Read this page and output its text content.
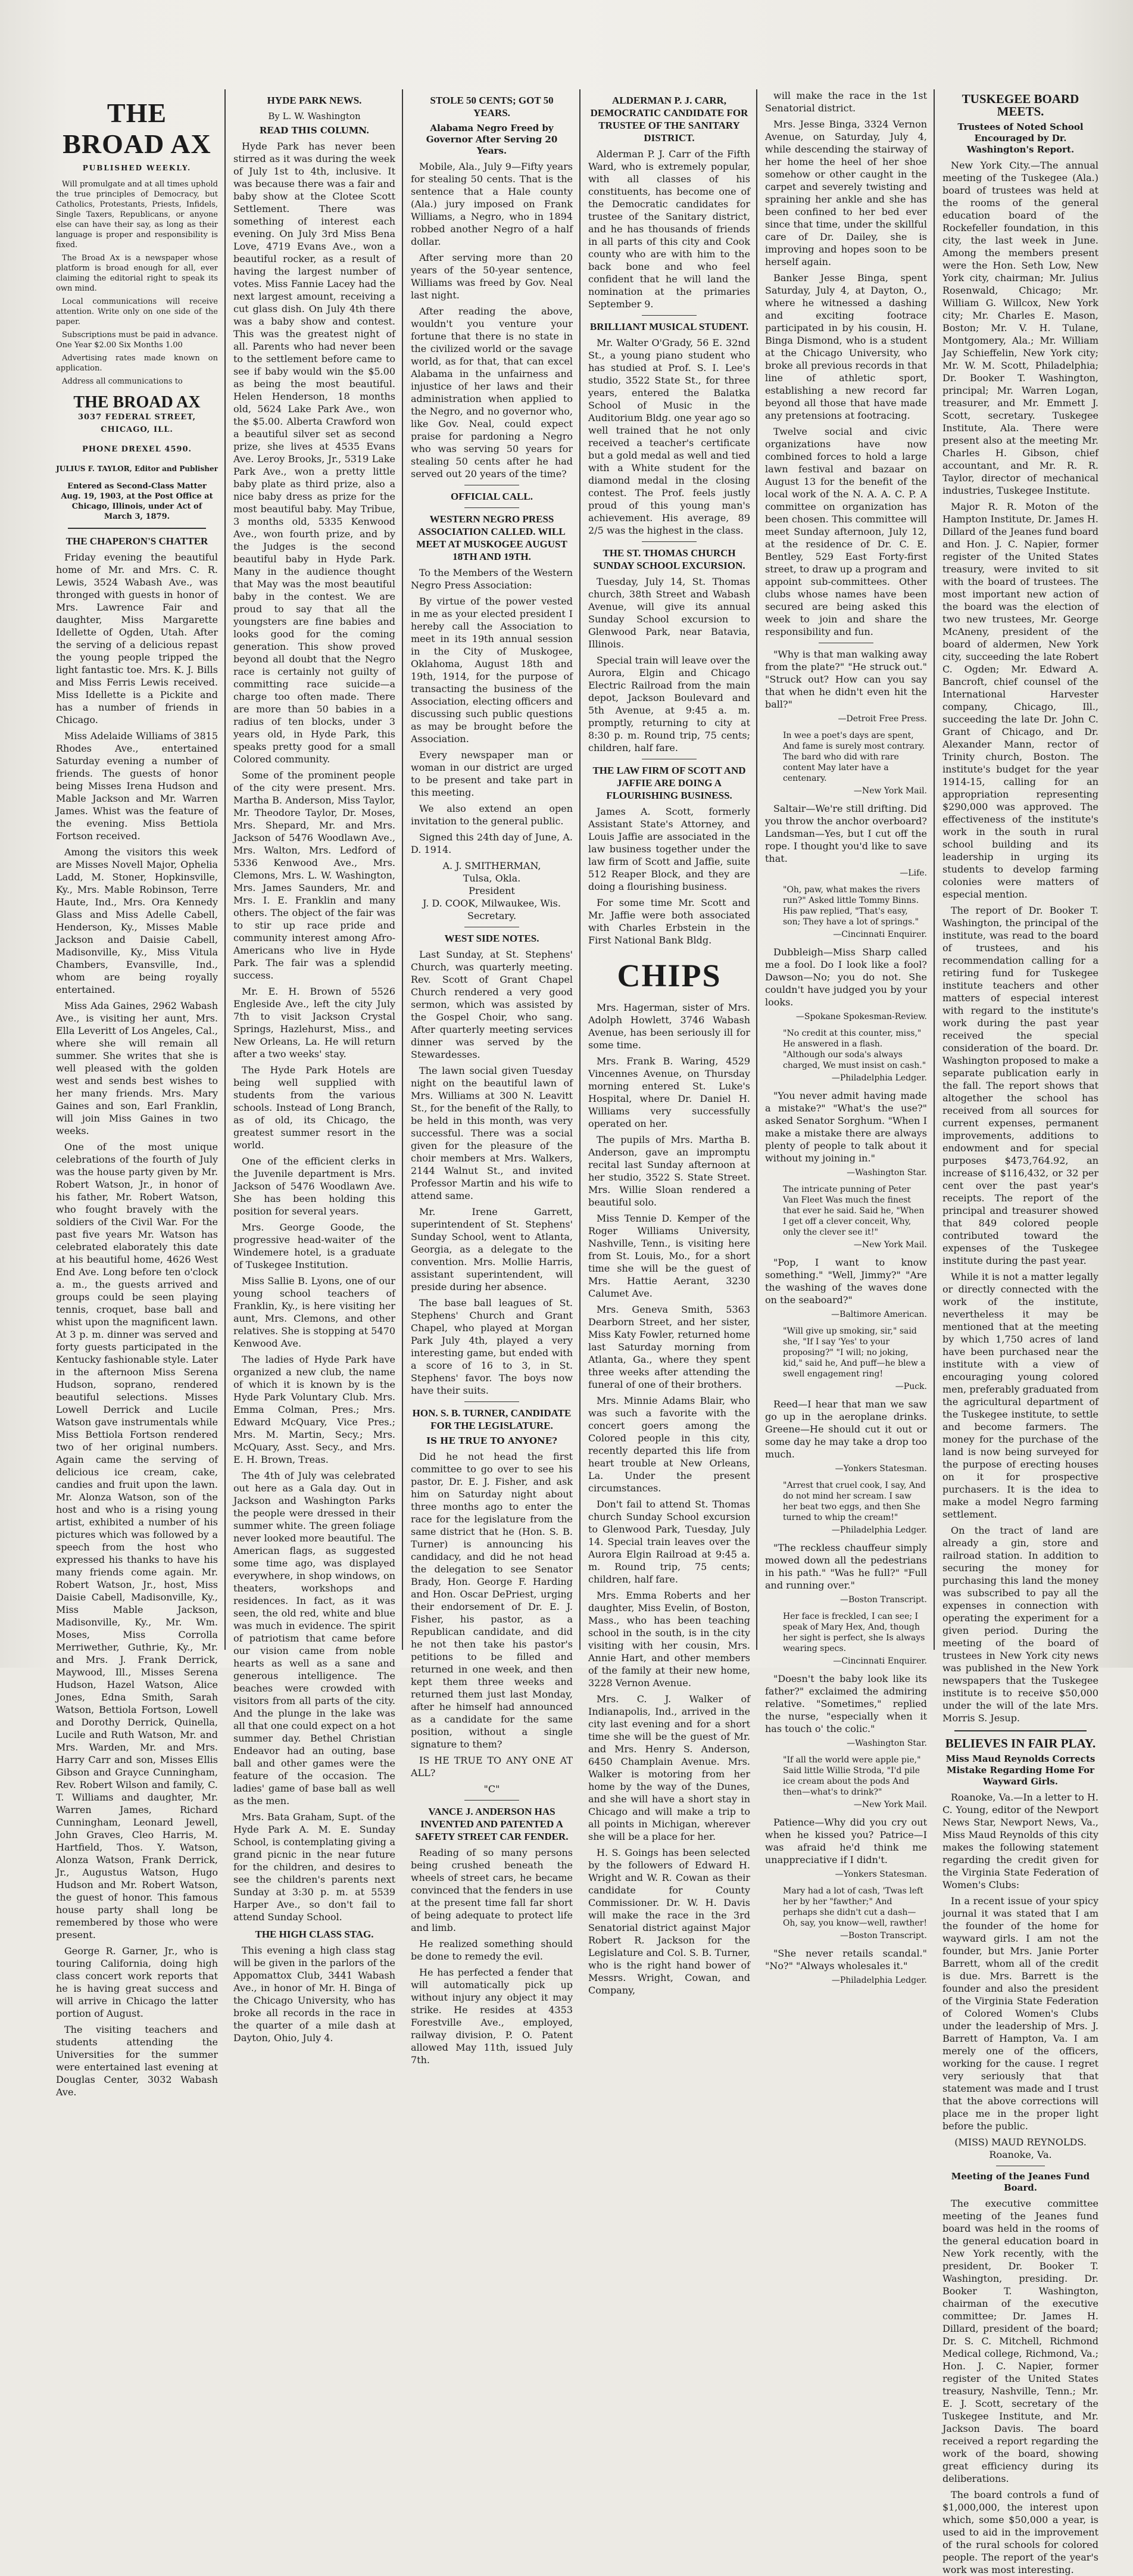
THE BROAD AX
PUBLISHED WEEKLY.

Will promulgate and at all times uphold the true principles of Democracy, but Catholics, Protestants, Priests, Infidels, Single Taxers, Republicans, or anyone else can have their say, as long as their language is proper and responsibility is fixed.

The Broad Ax is a newspaper whose platform is broad enough for all, ever claiming the editorial right to speak its own mind.

Local communications will receive attention. Write only on one side of the paper.

Subscriptions must be paid in advance. One Year $2.00 Six Months 1.00

Advertising rates made known on application.

Address all communications to

THE BROAD AX
3037 FEDERAL STREET, CHICAGO, ILL.
PHONE DREXEL 4590.
JULIUS F. TAYLOR, Editor and Publisher
Entered as Second-Class Matter Aug. 19, 1903, at the Post Office at Chicago, Illinois, under Act of March 3, 1879.
THE CHAPERON'S CHATTER

Friday evening the beautiful home of Mr. and Mrs. C. R. Lewis, 3524 Wabash Ave., was thronged with guests in honor of Mrs. Lawrence Fair and daughter, Miss Margarette Idellette of Ogden, Utah. After the serving of a delicious repast the young people tripped the light fantastic toe. Mrs. K. J. Bills and Miss Ferris Lewis received. Miss Idellette is a Pickite and has a number of friends in Chicago.

Miss Adelaide Williams of 3815 Rhodes Ave., entertained Saturday evening a number of friends. The guests of honor being Misses Irena Hudson and Mable Jackson and Mr. Warren James. Whist was the feature of the evening. Miss Bettiola Fortson received.

Among the visitors this week are Misses Novell Major, Ophelia Ladd, M. Stoner, Hopkinsville, Ky., Mrs. Mable Robinson, Terre Haute, Ind., Mrs. Ora Kennedy Glass and Miss Adelle Cabell, Henderson, Ky., Misses Mable Jackson and Daisie Cabell, Madisonville, Ky., Miss Vitula Chambers, Evansville, Ind., whom are being royally entertained.

Miss Ada Gaines, 2962 Wabash Ave., is visiting her aunt, Mrs. Ella Leveritt of Los Angeles, Cal., where she will remain all summer. She writes that she is well pleased with the golden west and sends best wishes to her many friends. Mrs. Mary Gaines and son, Earl Franklin, will join Miss Gaines in two weeks.

One of the most unique celebrations of the fourth of July was the house party given by Mr. Robert Watson, Jr., in honor of his father, Mr. Robert Watson, who fought bravely with the soldiers of the Civil War. For the past five years Mr. Watson has celebrated elaborately this date at his beautiful home, 4626 West End Ave. Long before ten o'clock a. m., the guests arrived and groups could be seen playing tennis, croquet, base ball and whist upon the magnificent lawn. At 3 p. m. dinner was served and forty guests participated in the Kentucky fashionable style. Later in the afternoon Miss Serena Hudson, soprano, rendered beautiful selections. Misses Lowell Derrick and Lucile Watson gave instrumentals while Miss Bettiola Fortson rendered two of her original numbers. Again came the serving of delicious ice cream, cake, candies and fruit upon the lawn. Mr. Alonza Watson, son of the host and who is a rising young artist, exhibited a number of his pictures which was followed by a speech from the host who expressed his thanks to have his many friends come again. Mr. Robert Watson, Jr., host, Miss Daisie Cabell, Madisonville, Ky., Miss Mable Jackson, Madisonville, Ky., Mr. Wm. Moses, Miss Corrolla Merriwether, Guthrie, Ky., Mr. and Mrs. J. Frank Derrick, Maywood, Ill., Misses Serena Hudson, Hazel Watson, Alice Jones, Edna Smith, Sarah Watson, Bettiola Fortson, Lowell and Dorothy Derrick, Quinella, Lucile and Ruth Watson, Mr. and Mrs. Warden, Mr. and Mrs. Harry Carr and son, Misses Ellis Gibson and Grayce Cunningham, Rev. Robert Wilson and family, C. T. Williams and daughter, Mr. Warren James, Richard Cunningham, Leonard Jewell, John Graves, Cleo Harris, M. Hartfield, Thos. Y. Watson, Alonza Watson, Frank Derrick, Jr., Augustus Watson, Hugo Hudson and Mr. Robert Watson, the guest of honor. This famous house party shall long be remembered by those who were present.

George R. Garner, Jr., who is touring California, doing high class concert work reports that he is having great success and will arrive in Chicago the latter portion of August.

The visiting teachers and students attending the Universities for the summer were entertained last evening at Douglas Center, 3032 Wabash Ave.

HYDE PARK NEWS.
By L. W. Washington
READ THIS COLUMN.

Hyde Park has never been stirred as it was during the week of July 1st to 4th, inclusive. It was because there was a fair and baby show at the Clotee Scott Settlement. There was something of interest each evening. On July 3rd Miss Bena Love, 4719 Evans Ave., won a beautiful rocker, as a result of having the largest number of votes. Miss Fannie Lacey had the next largest amount, receiving a cut glass dish. On July 4th there was a baby show and contest. This was the greatest night of all. Parents who had never been to the settlement before came to see if baby would win the $5.00 as being the most beautiful. Helen Henderson, 18 months old, 5624 Lake Park Ave., won the $5.00. Alberta Crawford won a beautiful silver set as second prize, she lives at 4535 Evans Ave. Leroy Brooks, Jr., 5319 Lake Park Ave., won a pretty little baby plate as third prize, also a nice baby dress as prize for the most beautiful baby. May Tribue, 3 months old, 5335 Kenwood Ave., won fourth prize, and by the Judges is the second beautiful baby in Hyde Park. Many in the audience thought that May was the most beautiful baby in the contest. We are proud to say that all the youngsters are fine babies and looks good for the coming generation. This show proved beyond all doubt that the Negro race is certainly not guilty of committing race suicide—a charge too often made. There are more than 50 babies in a radius of ten blocks, under 3 years old, in Hyde Park, this speaks pretty good for a small Colored community.

Some of the prominent people of the city were present. Mrs. Martha B. Anderson, Miss Taylor, Mr. Theodore Taylor, Dr. Moses, Mrs. Shepard, Mr. and Mrs. Jackson of 5476 Woodlawn Ave., Mrs. Walton, Mrs. Ledford of 5336 Kenwood Ave., Mrs. Clemons, Mrs. L. W. Washington, Mrs. James Saunders, Mr. and Mrs. I. E. Franklin and many others. The object of the fair was to stir up race pride and community interest among Afro-Americans who live in Hyde Park. The fair was a splendid success.

Mr. E. H. Brown of 5526 Engleside Ave., left the city July 7th to visit Jackson Crystal Springs, Hazlehurst, Miss., and New Orleans, La. He will return after a two weeks' stay.

The Hyde Park Hotels are being well supplied with students from the various schools. Instead of Long Branch, as of old, its Chicago, the greatest summer resort in the world.

One of the efficient clerks in the Juvenile department is Mrs. Jackson of 5476 Woodlawn Ave. She has been holding this position for several years.

Mrs. George Goode, the progressive head-waiter of the Windemere hotel, is a graduate of Tuskegee Institution.

Miss Sallie B. Lyons, one of our young school teachers of Franklin, Ky., is here visiting her aunt, Mrs. Clemons, and other relatives. She is stopping at 5470 Kenwood Ave.

The ladies of Hyde Park have organized a new club, the name of which it is known by is the Hyde Park Voluntary Club. Mrs. Emma Colman, Pres.; Mrs. Edward McQuary, Vice Pres.; Mrs. M. Martin, Secy.; Mrs. McQuary, Asst. Secy., and Mrs. E. H. Brown, Treas.

The 4th of July was celebrated out here as a Gala day. Out in Jackson and Washington Parks the people were dressed in their summer white. The green foliage never looked more beautiful. The American flags, as suggested some time ago, was displayed everywhere, in shop windows, on theaters, workshops and residences. In fact, as it was seen, the old red, white and blue was much in evidence. The spirit of patriotism that came before our vision came from noble hearts as well as a sane and generous intelligence. The beaches were crowded with visitors from all parts of the city. And the plunge in the lake was all that one could expect on a hot summer day. Bethel Christian Endeavor had an outing, base ball and other games were the feature of the occasion. The ladies' game of base ball as well as the men.

Mrs. Bata Graham, Supt. of the Hyde Park A. M. E. Sunday School, is contemplating giving a grand picnic in the near future for the children, and desires to see the children's parents next Sunday at 3:30 p. m. at 5539 Harper Ave., so don't fail to attend Sunday School.

THE HIGH CLASS STAG.

This evening a high class stag will be given in the parlors of the Appomattox Club, 3441 Wabash Ave., in honor of Mr. H. Binga of the Chicago University, who has broke all records in the race in the quarter of a mile dash at Dayton, Ohio, July 4.

STOLE 50 CENTS; GOT 50 YEARS.
Alabama Negro Freed by Governor After Serving 20 Years.

Mobile, Ala., July 9—Fifty years for stealing 50 cents. That is the sentence that a Hale county (Ala.) jury imposed on Frank Williams, a Negro, who in 1894 robbed another Negro of a half dollar.

After serving more than 20 years of the 50-year sentence, Williams was freed by Gov. Neal last night.

After reading the above, wouldn't you venture your fortune that there is no state in the civilized world or the savage world, as for that, that can excel Alabama in the unfairness and injustice of her laws and their administration when applied to the Negro, and no governor who, like Gov. Neal, could expect praise for pardoning a Negro who was serving 50 years for stealing 50 cents after he had served out 20 years of the time?

OFFICIAL CALL.
WESTERN NEGRO PRESS ASSOCIATION CALLED. WILL MEET AT MUSKOGEE AUGUST 18TH AND 19TH.

To the Members of the Western Negro Press Association:

By virtue of the power vested in me as your elected president I hereby call the Association to meet in its 19th annual session in the City of Muskogee, Oklahoma, August 18th and 19th, 1914, for the purpose of transacting the business of the Association, electing officers and discussing such public questions as may be brought before the Association.

Every newspaper man or woman in our district are urged to be present and take part in this meeting.

We also extend an open invitation to the general public.

Signed this 24th day of June, A. D. 1914.

A. J. SMITHERMAN,

Tulsa, Okla.

President

J. D. COOK, Milwaukee, Wis.

Secretary.

WEST SIDE NOTES.

Last Sunday, at St. Stephens' Church, was quarterly meeting. Rev. Scott of Grant Chapel Church rendered a very good sermon, which was assisted by the Gospel Choir, who sang. After quarterly meeting services dinner was served by the Stewardesses.

The lawn social given Tuesday night on the beautiful lawn of Mrs. Williams at 300 N. Leavitt St., for the benefit of the Rally, to be held in this month, was very successful. There was a social given for the pleasure of the choir members at Mrs. Walkers, 2144 Walnut St., and invited Professor Martin and his wife to attend same.

Mr. Irene Garrett, superintendent of St. Stephens' Sunday School, went to Atlanta, Georgia, as a delegate to the convention. Mrs. Mollie Harris, assistant superintendent, will preside during her absence.

The base ball leagues of St. Stephens' Church and Grant Chapel, who played at Morgan Park July 4th, played a very interesting game, but ended with a score of 16 to 3, in St. Stephens' favor. The boys now have their suits.

HON. S. B. TURNER, CANDIDATE FOR THE LEGISLATURE.
IS HE TRUE TO ANYONE?

Did he not head the first committee to go over to see his pastor, Dr. E. J. Fisher, and ask him on Saturday night about three months ago to enter the race for the legislature from the same district that he (Hon. S. B. Turner) is announcing his candidacy, and did he not head the delegation to see Senator Brady, Hon. George F. Harding and Hon. Oscar DePriest, urging their endorsement of Dr. E. J. Fisher, his pastor, as a Republican candidate, and did he not then take his pastor's petitions to be filled and returned in one week, and then kept them three weeks and returned them just last Monday, after he himself had announced as a candidate for the same position, without a single signature to them?

IS HE TRUE TO ANY ONE AT ALL?

"C"

VANCE J. ANDERSON HAS INVENTED AND PATENTED A SAFETY STREET CAR FENDER.

Reading of so many persons being crushed beneath the wheels of street cars, he became convinced that the fenders in use at the present time fall far short of being adequate to protect life and limb.

He realized something should be done to remedy the evil.

He has perfected a fender that will automatically pick up without injury any object it may strike. He resides at 4353 Forestville Ave., employed, railway division, P. O. Patent allowed May 11th, issued July 7th.

ALDERMAN P. J. CARR, DEMOCRATIC CANDIDATE FOR TRUSTEE OF THE SANITARY DISTRICT.

Alderman P. J. Carr of the Fifth Ward, who is extremely popular, with all classes of his constituents, has become one of the Democratic candidates for trustee of the Sanitary district, and he has thousands of friends in all parts of this city and Cook county who are with him to the back bone and who feel confident that he will land the nomination at the primaries September 9.

BRILLIANT MUSICAL STUDENT.

Mr. Walter O'Grady, 56 E. 32nd St., a young piano student who has studied at Prof. S. I. Lee's studio, 3522 State St., for three years, entered the Balatka School of Music in the Auditorium Bldg. one year ago so well trained that he not only received a teacher's certificate but a gold medal as well and tied with a White student for the diamond medal in the closing contest. The Prof. feels justly proud of this young man's achievement. His average, 89 2/5 was the highest in the class.

THE ST. THOMAS CHURCH SUNDAY SCHOOL EXCURSION.

Tuesday, July 14, St. Thomas church, 38th Street and Wabash Avenue, will give its annual Sunday School excursion to Glenwood Park, near Batavia, Illinois.

Special train will leave over the Aurora, Elgin and Chicago Electric Railroad from the main depot, Jackson Boulevard and 5th Avenue, at 9:45 a. m. promptly, returning to city at 8:30 p. m. Round trip, 75 cents; children, half fare.

THE LAW FIRM OF SCOTT AND JAFFIE ARE DOING A FLOURISHING BUSINESS.

James A. Scott, formerly Assistant State's Attorney, and Louis Jaffie are associated in the law business together under the law firm of Scott and Jaffie, suite 512 Reaper Block, and they are doing a flourishing business.

For some time Mr. Scott and Mr. Jaffie were both associated with Charles Erbstein in the First National Bank Bldg.

CHIPS

Mrs. Hagerman, sister of Mrs. Adolph Howlett, 3746 Wabash Avenue, has been seriously ill for some time.

Mrs. Frank B. Waring, 4529 Vincennes Avenue, on Thursday morning entered St. Luke's Hospital, where Dr. Daniel H. Williams very successfully operated on her.

The pupils of Mrs. Martha B. Anderson, gave an impromptu recital last Sunday afternoon at her studio, 3522 S. State Street. Mrs. Willie Sloan rendered a beautiful solo.

Miss Tennie D. Kemper of the Roger Williams University, Nashville, Tenn., is visiting here from St. Louis, Mo., for a short time she will be the guest of Mrs. Hattie Aerant, 3230 Calumet Ave.

Mrs. Geneva Smith, 5363 Dearborn Street, and her sister, Miss Katy Fowler, returned home last Saturday morning from Atlanta, Ga., where they spent three weeks after attending the funeral of one of their brothers.

Mrs. Minnie Adams Blair, who was such a favorite with the concert goers among the Colored people in this city, recently departed this life from heart trouble at New Orleans, La. Under the present circumstances.

Don't fail to attend St. Thomas church Sunday School excursion to Glenwood Park, Tuesday, July 14. Special train leaves over the Aurora Elgin Railroad at 9:45 a. m. Round trip, 75 cents; children, half fare.

Mrs. Emma Roberts and her daughter, Miss Evelin, of Boston, Mass., who has been teaching school in the south, is in the city visiting with her cousin, Mrs. Annie Hart, and other members of the family at their new home, 3228 Vernon Avenue.

Mrs. C. J. Walker of Indianapolis, Ind., arrived in the city last evening and for a short time she will be the guest of Mr. and Mrs. Henry S. Anderson, 6450 Champlain Avenue. Mrs. Walker is motoring from her home by the way of the Dunes, and she will have a short stay in Chicago and will make a trip to all points in Michigan, wherever she will be a place for her.

H. S. Goings has been selected by the followers of Edward H. Wright and W. R. Cowan as their candidate for County Commissioner. Dr. W. H. Davis will make the race in the 3rd Senatorial district against Major Robert R. Jackson for the Legislature and Col. S. B. Turner, who is the right hand bower of Messrs. Wright, Cowan, and Company,

will make the race in the 1st Senatorial district.

Mrs. Jesse Binga, 3324 Vernon Avenue, on Saturday, July 4, while descending the stairway of her home the heel of her shoe somehow or other caught in the carpet and severely twisting and spraining her ankle and she has been confined to her bed ever since that time, under the skillful care of Dr. Dailey, she is improving and hopes soon to be herself again.

Banker Jesse Binga, spent Saturday, July 4, at Dayton, O., where he witnessed a dashing and exciting footrace participated in by his cousin, H. Binga Dismond, who is a student at the Chicago University, who broke all previous records in that line of athletic sport, establishing a new record far beyond all those that have made any pretensions at footracing.

Twelve social and civic organizations have now combined forces to hold a large lawn festival and bazaar on August 13 for the benefit of the local work of the N. A. A. C. P. A committee on organization has been chosen. This committee will meet Sunday afternoon, July 12, at the residence of Dr. C. E. Bentley, 529 East Forty-first street, to draw up a program and appoint sub-committees. Other clubs whose names have been secured are being asked this week to join and share the responsibility and fun.

"Why is that man walking away from the plate?" "He struck out." "Struck out? How can you say that when he didn't even hit the ball?"

—Detroit Free Press.

In wee a poet's days are spent, And fame is surely most contrary. The bard who did with rare content May later have a centenary.

—New York Mail.

Saltair—We're still drifting. Did you throw the anchor overboard? Landsman—Yes, but I cut off the rope. I thought you'd like to save that.

—Life.

"Oh, paw, what makes the rivers run?" Asked little Tommy Binns. His paw replied, "That's easy, son; They have a lot of springs."

—Cincinnati Enquirer.

Dubbleigh—Miss Sharp called me a fool. Do I look like a fool? Dawson—No; you do not. She couldn't have judged you by your looks.

—Spokane Spokesman-Review.

"No credit at this counter, miss," He answered in a flash. "Although our soda's always charged, We must insist on cash."

—Philadelphia Ledger.

"You never admit having made a mistake?" "What's the use?" asked Senator Sorghum. "When I make a mistake there are always plenty of people to talk about it without my joining in."

—Washington Star.

The intricate punning of Peter Van Fleet Was much the finest that ever he said. Said he, "When I get off a clever conceit, Why, only the clever see it!"

—New York Mail.

"Pop, I want to know something." "Well, Jimmy?" "Are the washing of the waves done on the seaboard?"

—Baltimore American.

"Will give up smoking, sir," said she, "If I say 'Yes' to your proposing?" "I will; no joking, kid," said he, And puff—he blew a swell engagement ring!

—Puck.

Reed—I hear that man we saw go up in the aeroplane drinks. Greene—He should cut it out or some day he may take a drop too much.

—Yonkers Statesman.

"Arrest that cruel cook, I say, And do not mind her scream. I saw her beat two eggs, and then She turned to whip the cream!"

—Philadelphia Ledger.

"The reckless chauffeur simply mowed down all the pedestrians in his path." "Was he full?" "Full and running over."

—Boston Transcript.

Her face is freckled, I can see; I speak of Mary Hex, And, though her sight is perfect, she Is always wearing specs.

—Cincinnati Enquirer.

"Doesn't the baby look like its father?" exclaimed the admiring relative. "Sometimes," replied the nurse, "especially when it has touch o' the colic."

—Washington Star.

"If all the world were apple pie," Said little Willie Stroda, "I'd pile ice cream about the pods And then—what's to drink?"

—New York Mail.

Patience—Why did you cry out when he kissed you? Patrice—I was afraid he'd think me unappreciative if I didn't.

—Yonkers Statesman.

Mary had a lot of cash, 'Twas left her by her "fawther;" And perhaps she didn't cut a dash— Oh, say, you know—well, rawther!

—Boston Transcript.

"She never retails scandal." "No?" "Always wholesales it."

—Philadelphia Ledger.

TUSKEGEE BOARD MEETS.
Trustees of Noted School Encouraged by Dr. Washington's Report.

New York City.—The annual meeting of the Tuskegee (Ala.) board of trustees was held at the rooms of the general education board of the Rockefeller foundation, in this city, the last week in June. Among the members present were the Hon. Seth Low, New York city, chairman; Mr. Julius Rosenwald, Chicago; Mr. William G. Willcox, New York city; Mr. Charles E. Mason, Boston; Mr. V. H. Tulane, Montgomery, Ala.; Mr. William Jay Schieffelin, New York city; Mr. W. M. Scott, Philadelphia; Dr. Booker T. Washington, principal; Mr. Warren Logan, treasurer, and Mr. Emmett J. Scott, secretary. Tuskegee Institute, Ala. There were present also at the meeting Mr. Charles H. Gibson, chief accountant, and Mr. R. R. Taylor, director of mechanical industries, Tuskegee Institute.

Major R. R. Moton of the Hampton Institute, Dr. James H. Dillard of the Jeanes fund board and Hon. J. C. Napier, former register of the United States treasury, were invited to sit with the board of trustees. The most important new action of the board was the election of two new trustees, Mr. George McAneny, president of the board of aldermen, New York city, succeeding the late Robert C. Ogden; Mr. Edward A. Bancroft, chief counsel of the International Harvester company, Chicago, Ill., succeeding the late Dr. John C. Grant of Chicago, and Dr. Alexander Mann, rector of Trinity church, Boston. The institute's budget for the year 1914-15, calling for an appropriation representing $290,000 was approved. The effectiveness of the institute's work in the south in rural school building and its leadership in urging its students to develop farming colonies were matters of especial mention.

The report of Dr. Booker T. Washington, the principal of the institute, was read to the board of trustees, and his recommendation calling for a retiring fund for Tuskegee institute teachers and other matters of especial interest with regard to the institute's work during the past year received the special consideration of the board. Dr. Washington proposed to make a separate publication early in the fall. The report shows that altogether the school has received from all sources for current expenses, permanent improvements, additions to endowment and for special purposes $473,764.92, an increase of $116,432, or 32 per cent over the past year's receipts. The report of the principal and treasurer showed that 849 colored people contributed toward the expenses of the Tuskegee institute during the past year.

While it is not a matter legally or directly connected with the work of the institute, nevertheless it may be mentioned that at the meeting by which 1,750 acres of land have been purchased near the institute with a view of encouraging young colored men, preferably graduated from the agricultural department of the Tuskegee institute, to settle and become farmers. The money for the purchase of the land is now being surveyed for the purpose of erecting houses on it for prospective purchasers. It is the idea to make a model Negro farming settlement.

On the tract of land are already a gin, store and railroad station. In addition to securing the money for purchasing this land the money was subscribed to pay all the expenses in connection with operating the experiment for a given period. During the meeting of the board of trustees in New York city news was published in the New York newspapers that the Tuskegee institute is to receive $50,000 under the will of the late Mrs. Morris S. Jesup.

BELIEVES IN FAIR PLAY.
Miss Maud Reynolds Corrects Mistake Regarding Home For Wayward Girls.

Roanoke, Va.—In a letter to H. C. Young, editor of the Newport News Star, Newport News, Va., Miss Maud Reynolds of this city makes the following statement regarding the credit given for the Virginia State Federation of Women's Clubs:

In a recent issue of your spicy journal it was stated that I am the founder of the home for wayward girls. I am not the founder, but Mrs. Janie Porter Barrett, whom all of the credit is due. Mrs. Barrett is the founder and also the president of the Virginia State Federation of Colored Women's Clubs under the leadership of Mrs. J. Barrett of Hampton, Va. I am merely one of the officers, working for the cause. I regret very seriously that that statement was made and I trust that the above corrections will place me in the proper light before the public.

(MISS) MAUD REYNOLDS.

Roanoke, Va.

Meeting of the Jeanes Fund Board.

The executive committee meeting of the Jeanes fund board was held in the rooms of the general education board in New York recently, with the president, Dr. Booker T. Washington, presiding. Dr. Booker T. Washington, chairman of the executive committee; Dr. James H. Dillard, president of the board; Dr. S. C. Mitchell, Richmond Medical college, Richmond, Va.; Hon. J. C. Napier, former register of the United States treasury, Nashville, Tenn.; Mr. E. J. Scott, secretary of the Tuskegee Institute, and Mr. Jackson Davis. The board received a report regarding the work of the board, showing great efficiency during its deliberations.

The board controls a fund of $1,000,000, the interest upon which, some $50,000 a year, is used to aid in the improvement of the rural schools for colored people. The report of the year's work was most interesting.
